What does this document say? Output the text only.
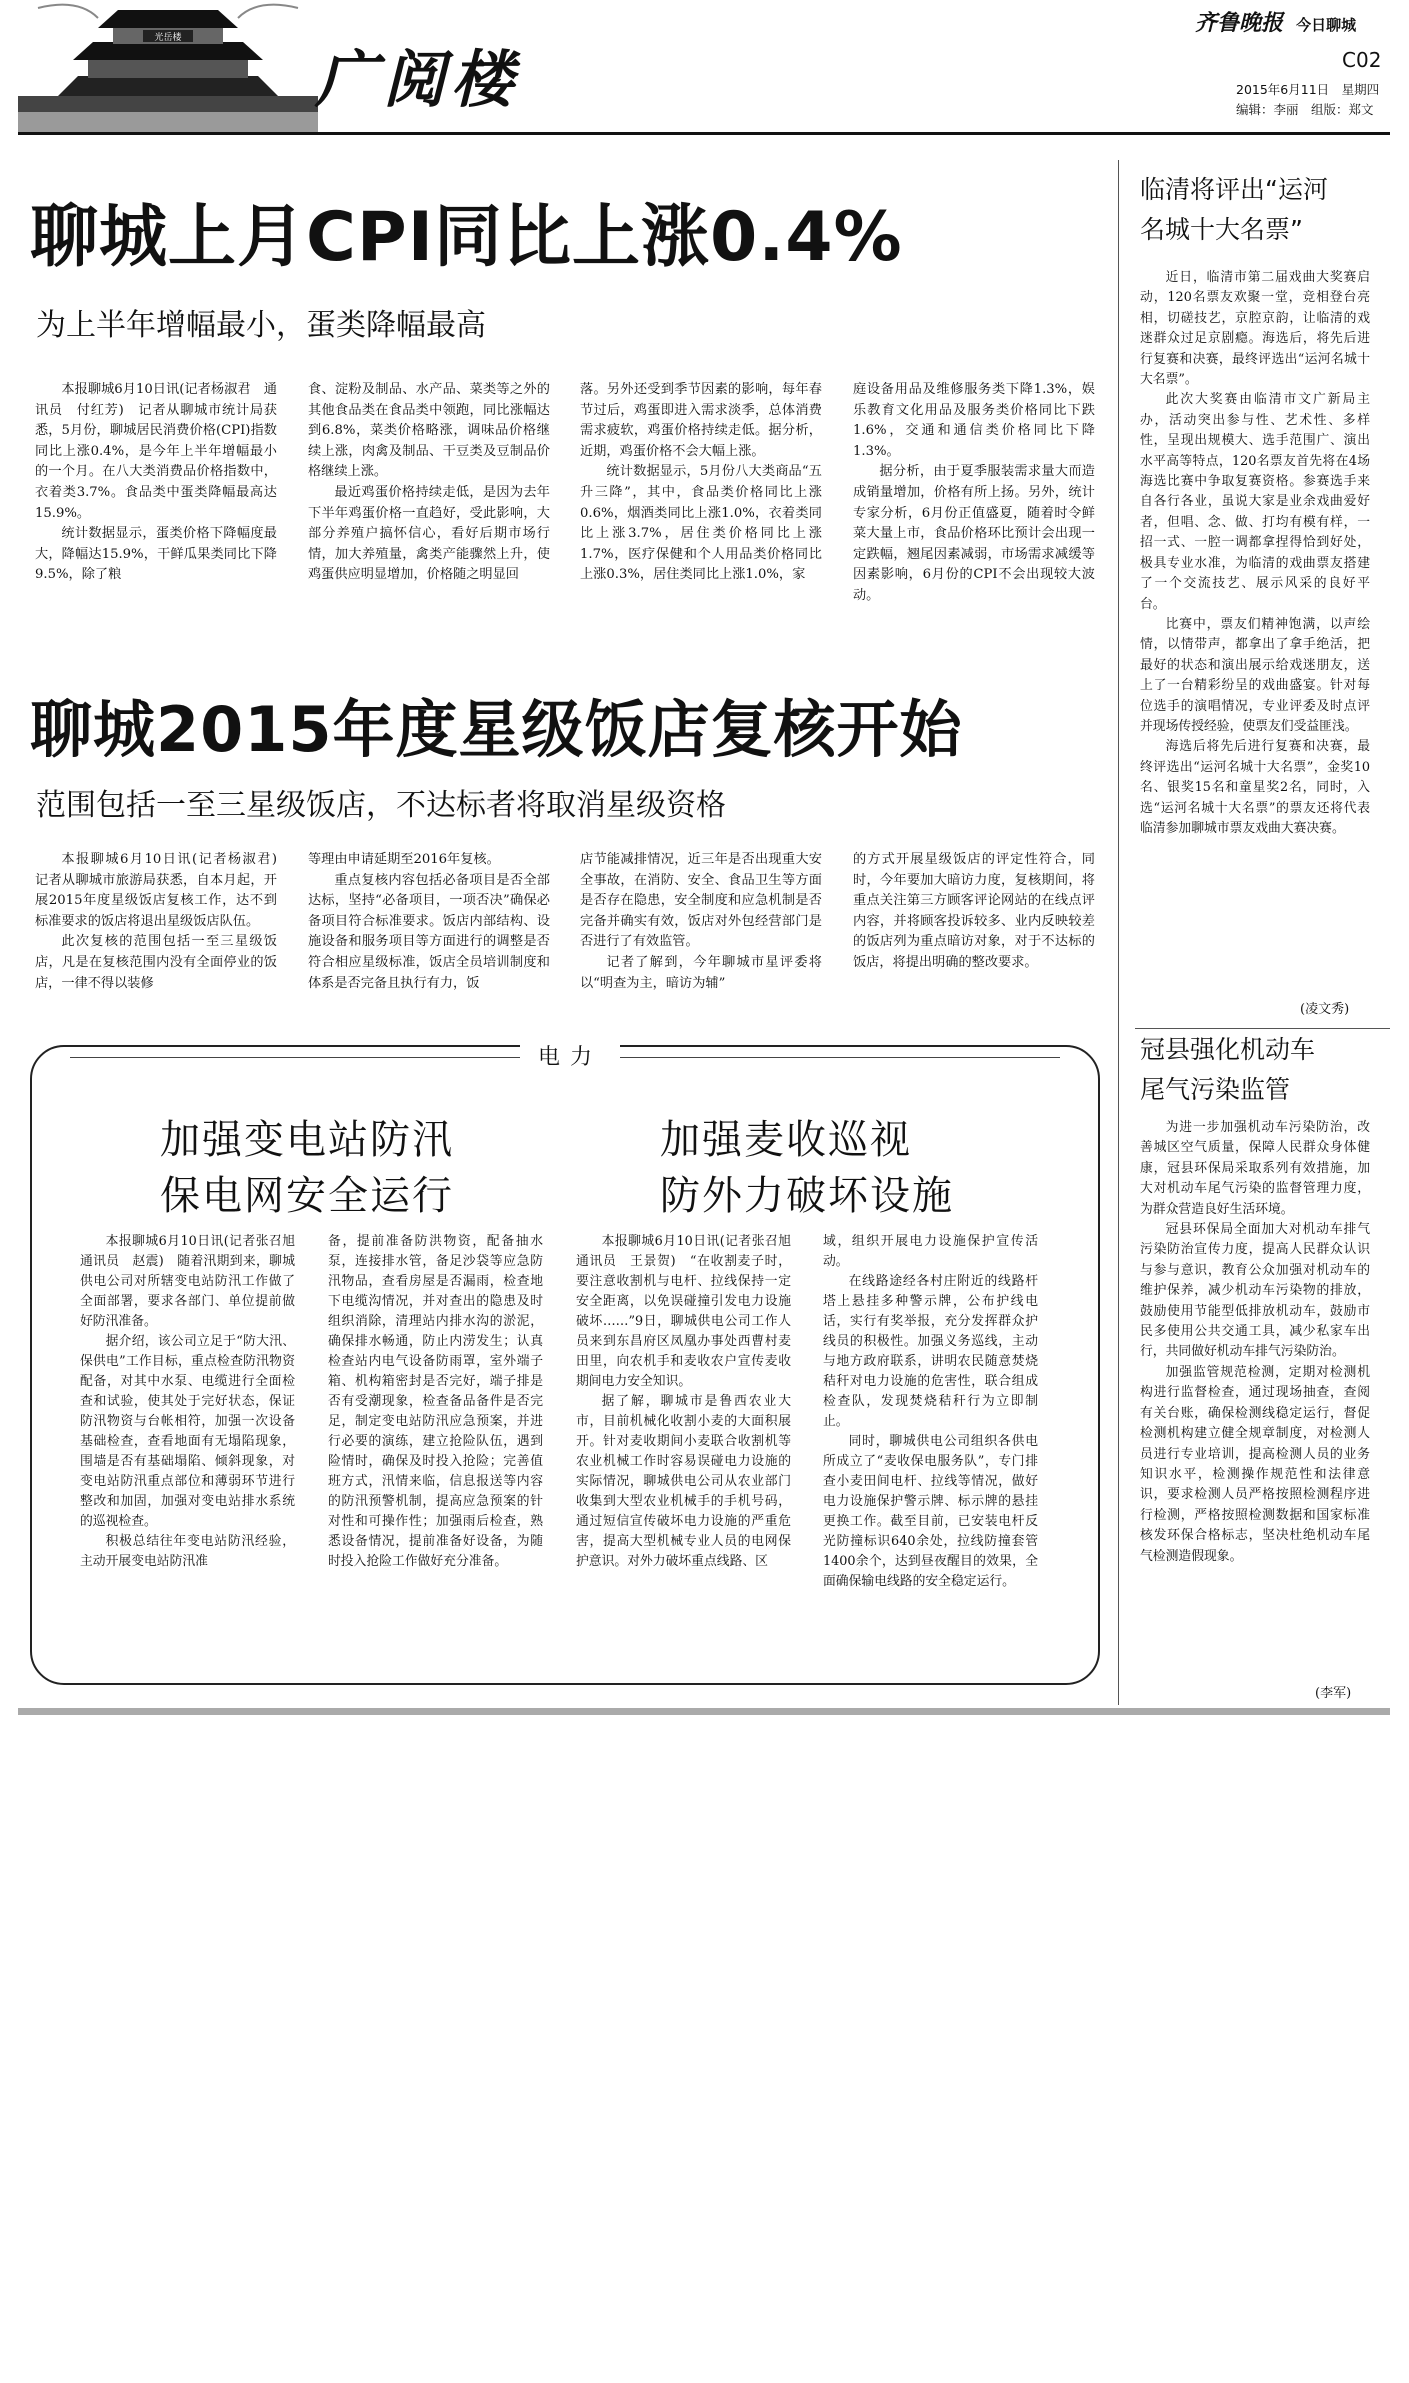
光岳楼
广阅楼
齐鲁晚报 今日聊城
C02
2015年6月11日　星期四
编辑：李丽　组版：郑文
聊城上月CPI同比上涨0.4%
为上半年增幅最小，蛋类降幅最高

本报聊城6月10日讯(记者杨淑君　通讯员　付红芳)　记者从聊城市统计局获悉，5月份，聊城居民消费价格(CPI)指数同比上涨0.4%，是今年上半年增幅最小的一个月。在八大类消费品价格指数中，衣着类3.7%。食品类中蛋类降幅最高达15.9%。

统计数据显示，蛋类价格下降幅度最大，降幅达15.9%，干鲜瓜果类同比下降9.5%，除了粮

食、淀粉及制品、水产品、菜类等之外的其他食品类在食品类中领跑，同比涨幅达到6.8%，菜类价格略涨，调味品价格继续上涨，肉禽及制品、干豆类及豆制品价格继续上涨。

最近鸡蛋价格持续走低，是因为去年下半年鸡蛋价格一直趋好，受此影响，大部分养殖户搞怀信心，看好后期市场行情，加大养殖量，禽类产能骤然上升，使鸡蛋供应明显增加，价格随之明显回

落。另外还受到季节因素的影响，每年春节过后，鸡蛋即进入需求淡季，总体消费需求疲软，鸡蛋价格持续走低。据分析，近期，鸡蛋价格不会大幅上涨。

统计数据显示，5月份八大类商品“五升三降”，其中，食品类价格同比上涨0.6%，烟酒类同比上涨1.0%，衣着类同比上涨3.7%，居住类价格同比上涨1.7%，医疗保健和个人用品类价格同比上涨0.3%，居住类同比上涨1.0%，家

庭设备用品及维修服务类下降1.3%，娱乐教育文化用品及服务类价格同比下跌1.6%，交通和通信类价格同比下降1.3%。

据分析，由于夏季服装需求量大而造成销量增加，价格有所上扬。另外，统计专家分析，6月份正值盛夏，随着时令鲜菜大量上市，食品价格环比预计会出现一定跌幅，翘尾因素减弱，市场需求减缓等因素影响，6月份的CPI不会出现较大波动。

聊城2015年度星级饭店复核开始
范围包括一至三星级饭店，不达标者将取消星级资格

本报聊城6月10日讯(记者杨淑君)　记者从聊城市旅游局获悉，自本月起，开展2015年度星级饭店复核工作，达不到标准要求的饭店将退出星级饭店队伍。

此次复核的范围包括一至三星级饭店，凡是在复核范围内没有全面停业的饭店，一律不得以装修

等理由申请延期至2016年复核。

重点复核内容包括必备项目是否全部达标，坚持“必备项目，一项否决”确保必备项目符合标准要求。饭店内部结构、设施设备和服务项目等方面进行的调整是否符合相应星级标准，饭店全员培训制度和体系是否完备且执行有力，饭

店节能减排情况，近三年是否出现重大安全事故，在消防、安全、食品卫生等方面是否存在隐患，安全制度和应急机制是否完备并确实有效，饭店对外包经营部门是否进行了有效监管。

记者了解到，今年聊城市星评委将以“明查为主，暗访为辅”

的方式开展星级饭店的评定性符合，同时，今年要加大暗访力度，复核期间，将重点关注第三方顾客评论网站的在线点评内容，并将顾客投诉较多、业内反映较差的饭店列为重点暗访对象，对于不达标的饭店，将提出明确的整改要求。

电力
加强变电站防汛
保电网安全运行
加强麦收巡视
防外力破坏设施

本报聊城6月10日讯(记者张召旭　通讯员　赵震)　随着汛期到来，聊城供电公司对所辖变电站防汛工作做了全面部署，要求各部门、单位提前做好防汛准备。

据介绍，该公司立足于“防大汛、保供电”工作目标，重点检查防汛物资配备，对其中水泵、电缆进行全面检查和试验，使其处于完好状态，保证防汛物资与台帐相符，加强一次设备基础检查，查看地面有无塌陷现象，围墙是否有基础塌陷、倾斜现象，对变电站防汛重点部位和薄弱环节进行整改和加固，加强对变电站排水系统的巡视检查。

积极总结往年变电站防汛经验，主动开展变电站防汛准

备，提前准备防洪物资，配备抽水泵，连接排水管，备足沙袋等应急防汛物品，查看房屋是否漏雨，检查地下电缆沟情况，并对查出的隐患及时组织消除，清理站内排水沟的淤泥，确保排水畅通，防止内涝发生；认真检查站内电气设备防雨罩，室外端子箱、机构箱密封是否完好，端子排是否有受潮现象，检查备品备件是否完足，制定变电站防汛应急预案，并进行必要的演练，建立抢险队伍，遇到险情时，确保及时投入抢险；完善值班方式，汛情来临，信息报送等内容的防汛预警机制，提高应急预案的针对性和可操作性；加强雨后检查，熟悉设备情况，提前准备好设备，为随时投入抢险工作做好充分准备。

本报聊城6月10日讯(记者张召旭　通讯员　王景贺)　“在收割麦子时，要注意收割机与电杆、拉线保持一定安全距离，以免误碰撞引发电力设施破坏……”9日，聊城供电公司工作人员来到东昌府区凤凰办事处西曹村麦田里，向农机手和麦收农户宣传麦收期间电力安全知识。

据了解，聊城市是鲁西农业大市，目前机械化收割小麦的大面积展开。针对麦收期间小麦联合收割机等农业机械工作时容易误碰电力设施的实际情况，聊城供电公司从农业部门收集到大型农业机械手的手机号码，通过短信宣传破坏电力设施的严重危害，提高大型机械专业人员的电网保护意识。对外力破坏重点线路、区

域，组织开展电力设施保护宣传活动。

在线路途经各村庄附近的线路杆塔上悬挂多种警示牌，公布护线电话，实行有奖举报，充分发挥群众护线员的积极性。加强义务巡线，主动与地方政府联系，讲明农民随意焚烧秸秆对电力设施的危害性，联合组成检查队，发现焚烧秸秆行为立即制止。

同时，聊城供电公司组织各供电所成立了“麦收保电服务队”，专门排查小麦田间电杆、拉线等情况，做好电力设施保护警示牌、标示牌的悬挂更换工作。截至目前，已安装电杆反光防撞标识640余处，拉线防撞套管1400余个，达到昼夜醒目的效果，全面确保输电线路的安全稳定运行。

临清将评出“运河
名城十大名票”

近日，临清市第二届戏曲大奖赛启动，120名票友欢聚一堂，竞相登台亮相，切磋技艺，京腔京韵，让临清的戏迷群众过足京剧瘾。海选后，将先后进行复赛和决赛，最终评选出“运河名城十大名票”。

此次大奖赛由临清市文广新局主办，活动突出参与性、艺术性、多样性，呈现出规模大、选手范围广、演出水平高等特点，120名票友首先将在4场海选比赛中争取复赛资格。参赛选手来自各行各业，虽说大家是业余戏曲爱好者，但唱、念、做、打均有模有样，一招一式、一腔一调都拿捏得恰到好处，极具专业水准，为临清的戏曲票友搭建了一个交流技艺、展示风采的良好平台。

比赛中，票友们精神饱满，以声绘情，以情带声，都拿出了拿手绝活，把最好的状态和演出展示给戏迷朋友，送上了一台精彩纷呈的戏曲盛宴。针对每位选手的演唱情况，专业评委及时点评并现场传授经验，使票友们受益匪浅。

海选后将先后进行复赛和决赛，最终评选出“运河名城十大名票”，金奖10名、银奖15名和童星奖2名，同时，入选“运河名城十大名票”的票友还将代表临清参加聊城市票友戏曲大赛决赛。

(凌文秀)
冠县强化机动车
尾气污染监管

为进一步加强机动车污染防治，改善城区空气质量，保障人民群众身体健康，冠县环保局采取系列有效措施，加大对机动车尾气污染的监督管理力度，为群众营造良好生活环境。

冠县环保局全面加大对机动车排气污染防治宣传力度，提高人民群众认识与参与意识，教育公众加强对机动车的维护保养，减少机动车污染物的排放，鼓励使用节能型低排放机动车，鼓励市民多使用公共交通工具，减少私家车出行，共同做好机动车排气污染防治。

加强监管规范检测，定期对检测机构进行监督检查，通过现场抽查，查阅有关台账，确保检测线稳定运行，督促检测机构建立健全规章制度，对检测人员进行专业培训，提高检测人员的业务知识水平，检测操作规范性和法律意识，要求检测人员严格按照检测程序进行检测，严格按照检测数据和国家标准核发环保合格标志，坚决杜绝机动车尾气检测造假现象。

(李军)
